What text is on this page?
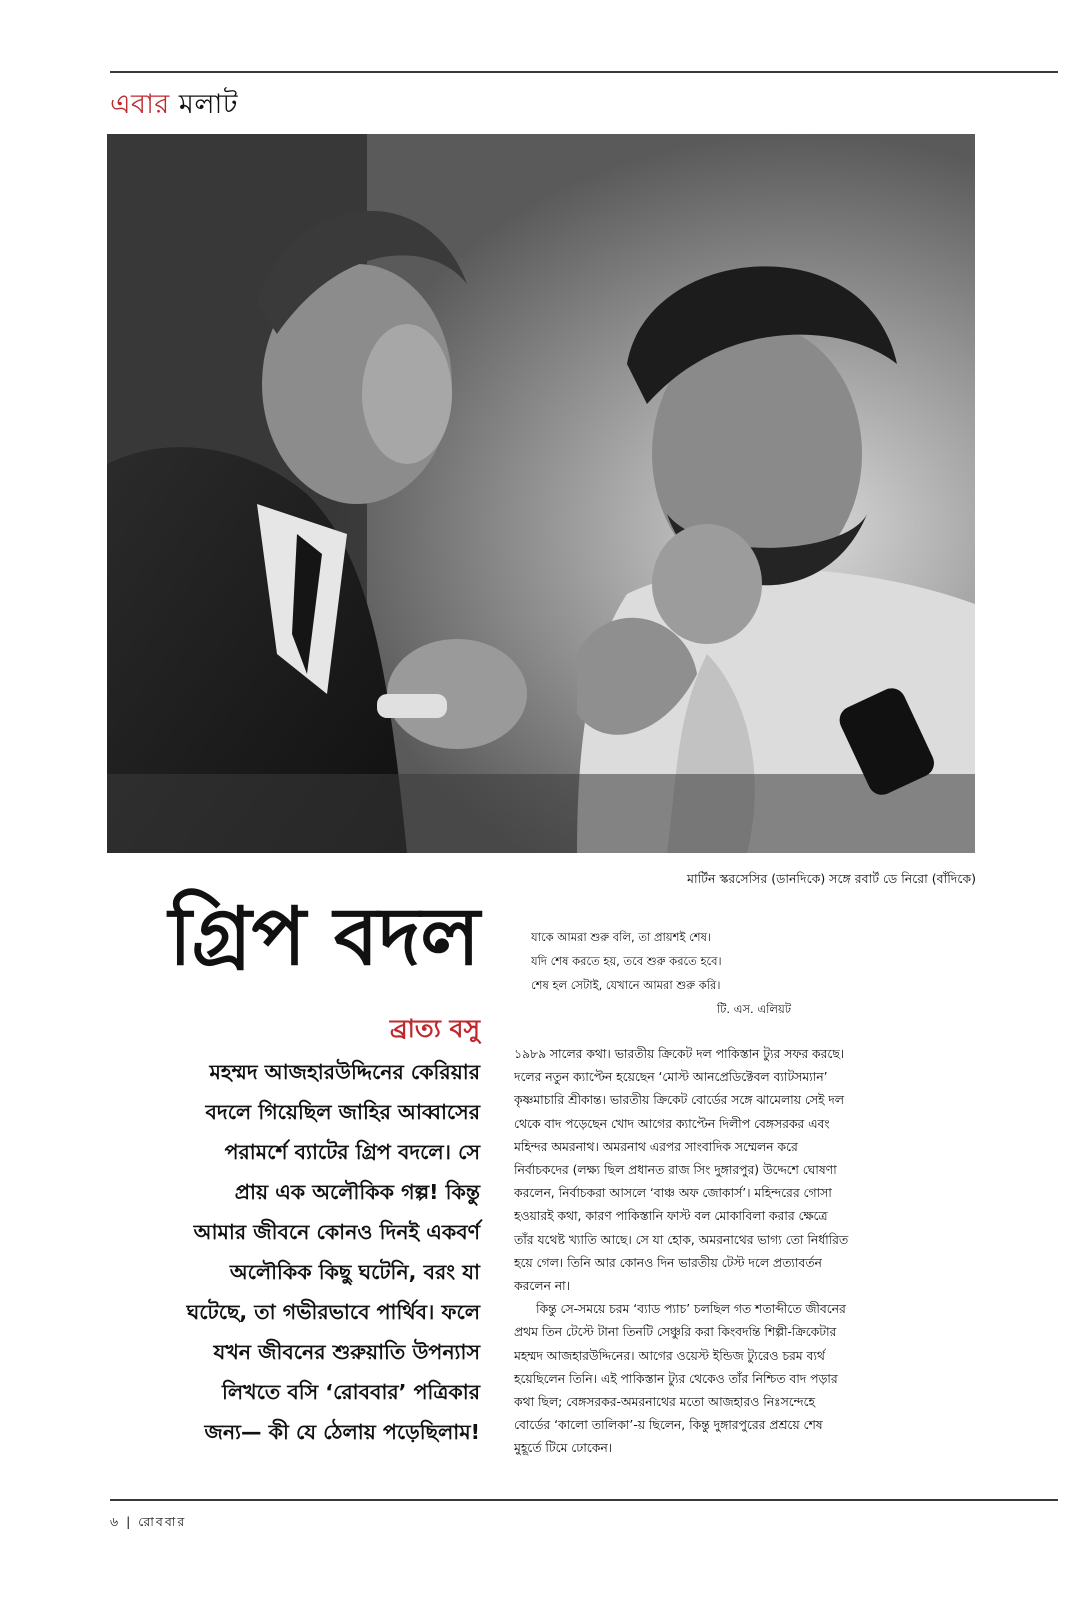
এবার মলাট
মার্টিন স্করসেসির (ডানদিকে) সঙ্গে রবার্ট ডে নিরো (বাঁদিকে)
গ্রিপ বদল
ব্রাত্য বসু
মহম্মদ আজহারউদ্দিনের কেরিয়ার
বদলে গিয়েছিল জাহির আব্বাসের
পরামর্শে ব্যাটের গ্রিপ বদলে। সে
প্রায় এক অলৌকিক গল্প! কিন্তু
আমার জীবনে কোনও দিনই একবর্ণ
অলৌকিক কিছু ঘটেনি, বরং যা
ঘটেছে, তা গভীরভাবে পার্থিব। ফলে
যখন জীবনের শুরুয়াতি উপন্যাস
লিখতে বসি ‘রোববার’ পত্রিকার
জন্য— কী যে ঠেলায় পড়েছিলাম!
যাকে আমরা শুরু বলি, তা প্রায়শই শেষ।
যদি শেষ করতে হয়, তবে শুরু করতে হবে।
শেষ হল সেটাই, যেখানে আমরা শুরু করি।
টি. এস. এলিয়ট
১৯৮৯ সালের কথা। ভারতীয় ক্রিকেট দল পাকিস্তান ট্যুর সফর করছে।
দলের নতুন ক্যাপ্টেন হয়েছেন ‘মোস্ট আনপ্রেডিক্টেবল ব্যাটসম্যান’
কৃষ্ণমাচারি শ্রীকান্ত। ভারতীয় ক্রিকেট বোর্ডের সঙ্গে ঝামেলায় সেই দল
থেকে বাদ পড়েছেন খোদ আগের ক্যাপ্টেন দিলীপ বেঙ্গসরকর এবং
মহিন্দর অমরনাথ। অমরনাথ এরপর সাংবাদিক সম্মেলন করে
নির্বাচকদের (লক্ষ্য ছিল প্রধানত রাজ সিং দুঙ্গারপুর) উদ্দেশে ঘোষণা
করলেন, নির্বাচকরা আসলে ‘বাঞ্চ অফ জোকার্স’। মহিন্দরের গোসা
হওয়ারই কথা, কারণ পাকিস্তানি ফাস্ট বল মোকাবিলা করার ক্ষেত্রে
তাঁর যথেষ্ট খ্যাতি আছে। সে যা হোক, অমরনাথের ভাগ্য তো নির্ধারিত
হয়ে গেল। তিনি আর কোনও দিন ভারতীয় টেস্ট দলে প্রত্যাবর্তন
করলেন না।
কিন্তু সে-সময়ে চরম ‘ব্যাড প্যাচ’ চলছিল গত শতাব্দীতে জীবনের
প্রথম তিন টেস্টে টানা তিনটি সেঞ্চুরি করা কিংবদন্তি শিল্পী-ক্রিকেটার
মহম্মদ আজহারউদ্দিনের। আগের ওয়েস্ট ইন্ডিজ ট্যুরেও চরম ব্যর্থ
হয়েছিলেন তিনি। এই পাকিস্তান ট্যুর থেকেও তাঁর নিশ্চিত বাদ পড়ার
কথা ছিল; বেঙ্গসরকর-অমরনাথের মতো আজহারও নিঃসন্দেহে
বোর্ডের ‘কালো তালিকা’-য় ছিলেন, কিন্তু দুঙ্গারপুরের প্রশ্রয়ে শেষ
মুহূর্তে টিমে ঢোকেন।
৬ | রোববার
